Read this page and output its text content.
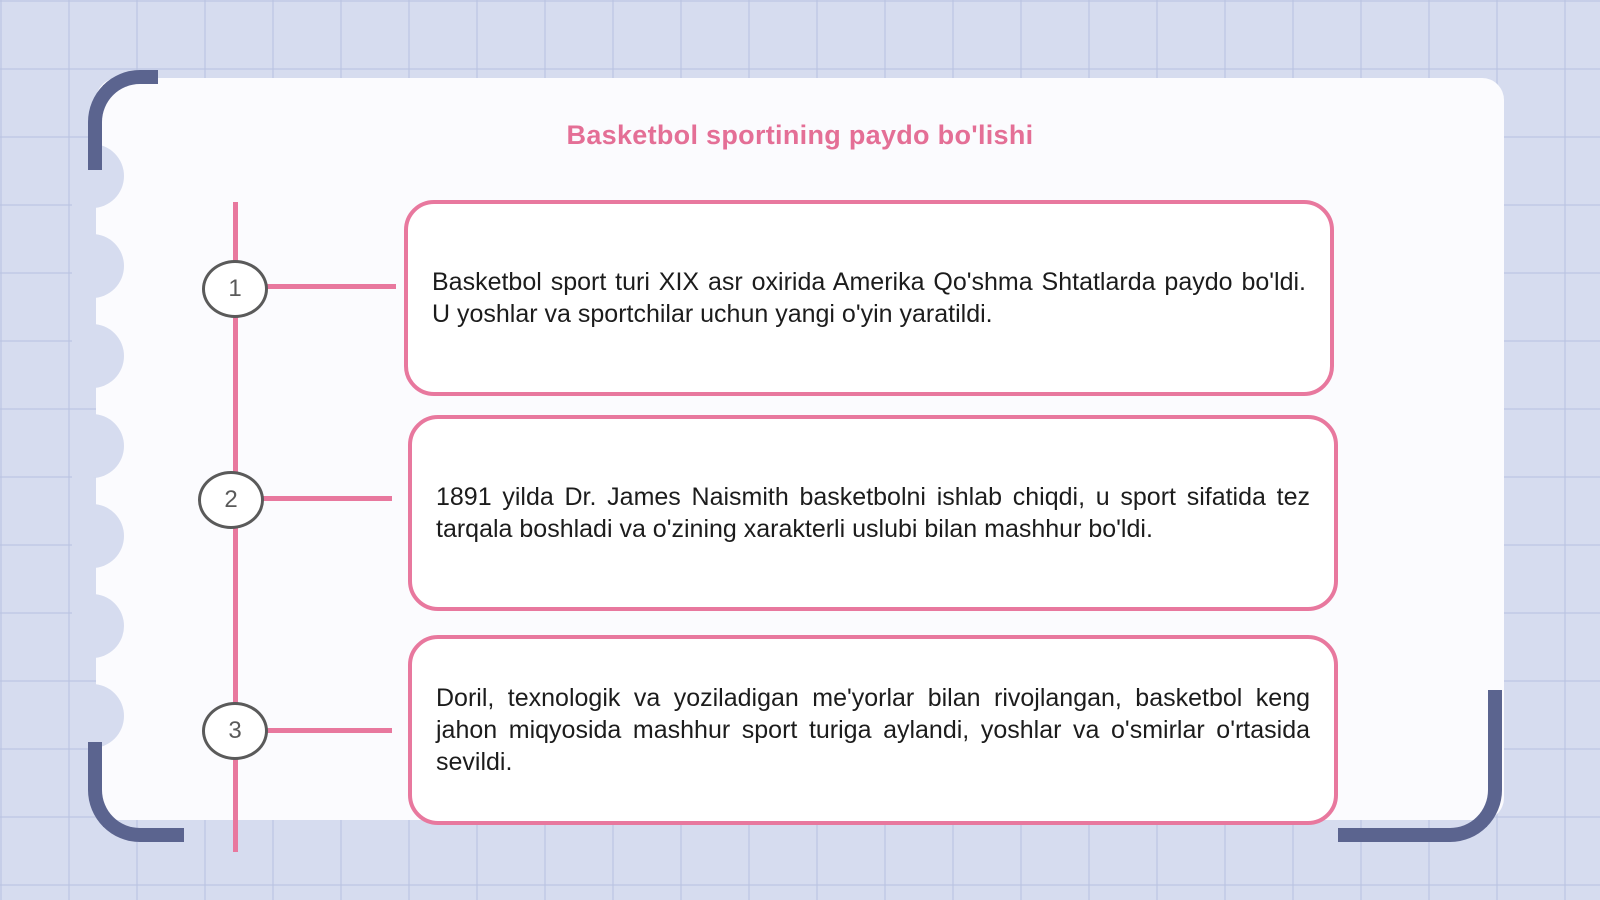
Basketbol sportining paydo bo'lishi
1	Basketbol sport turi XIX asr oxirida Amerika Qo'shma Shtatlarda paydo bo'ldi. U yoshlar va sportchilar uchun yangi o'yin yaratildi.
2	1891 yilda Dr. James Naismith basketbolni ishlab chiqdi, u sport sifatida tez tarqala boshladi va o'zining xarakterli uslubi bilan mashhur bo'ldi.
3
Doril, texnologik va yoziladigan me'yorlar bilan rivojlangan, basketbol keng jahon miqyosida mashhur sport turiga aylandi, yoshlar va o'smirlar o'rtasida sevildi.
